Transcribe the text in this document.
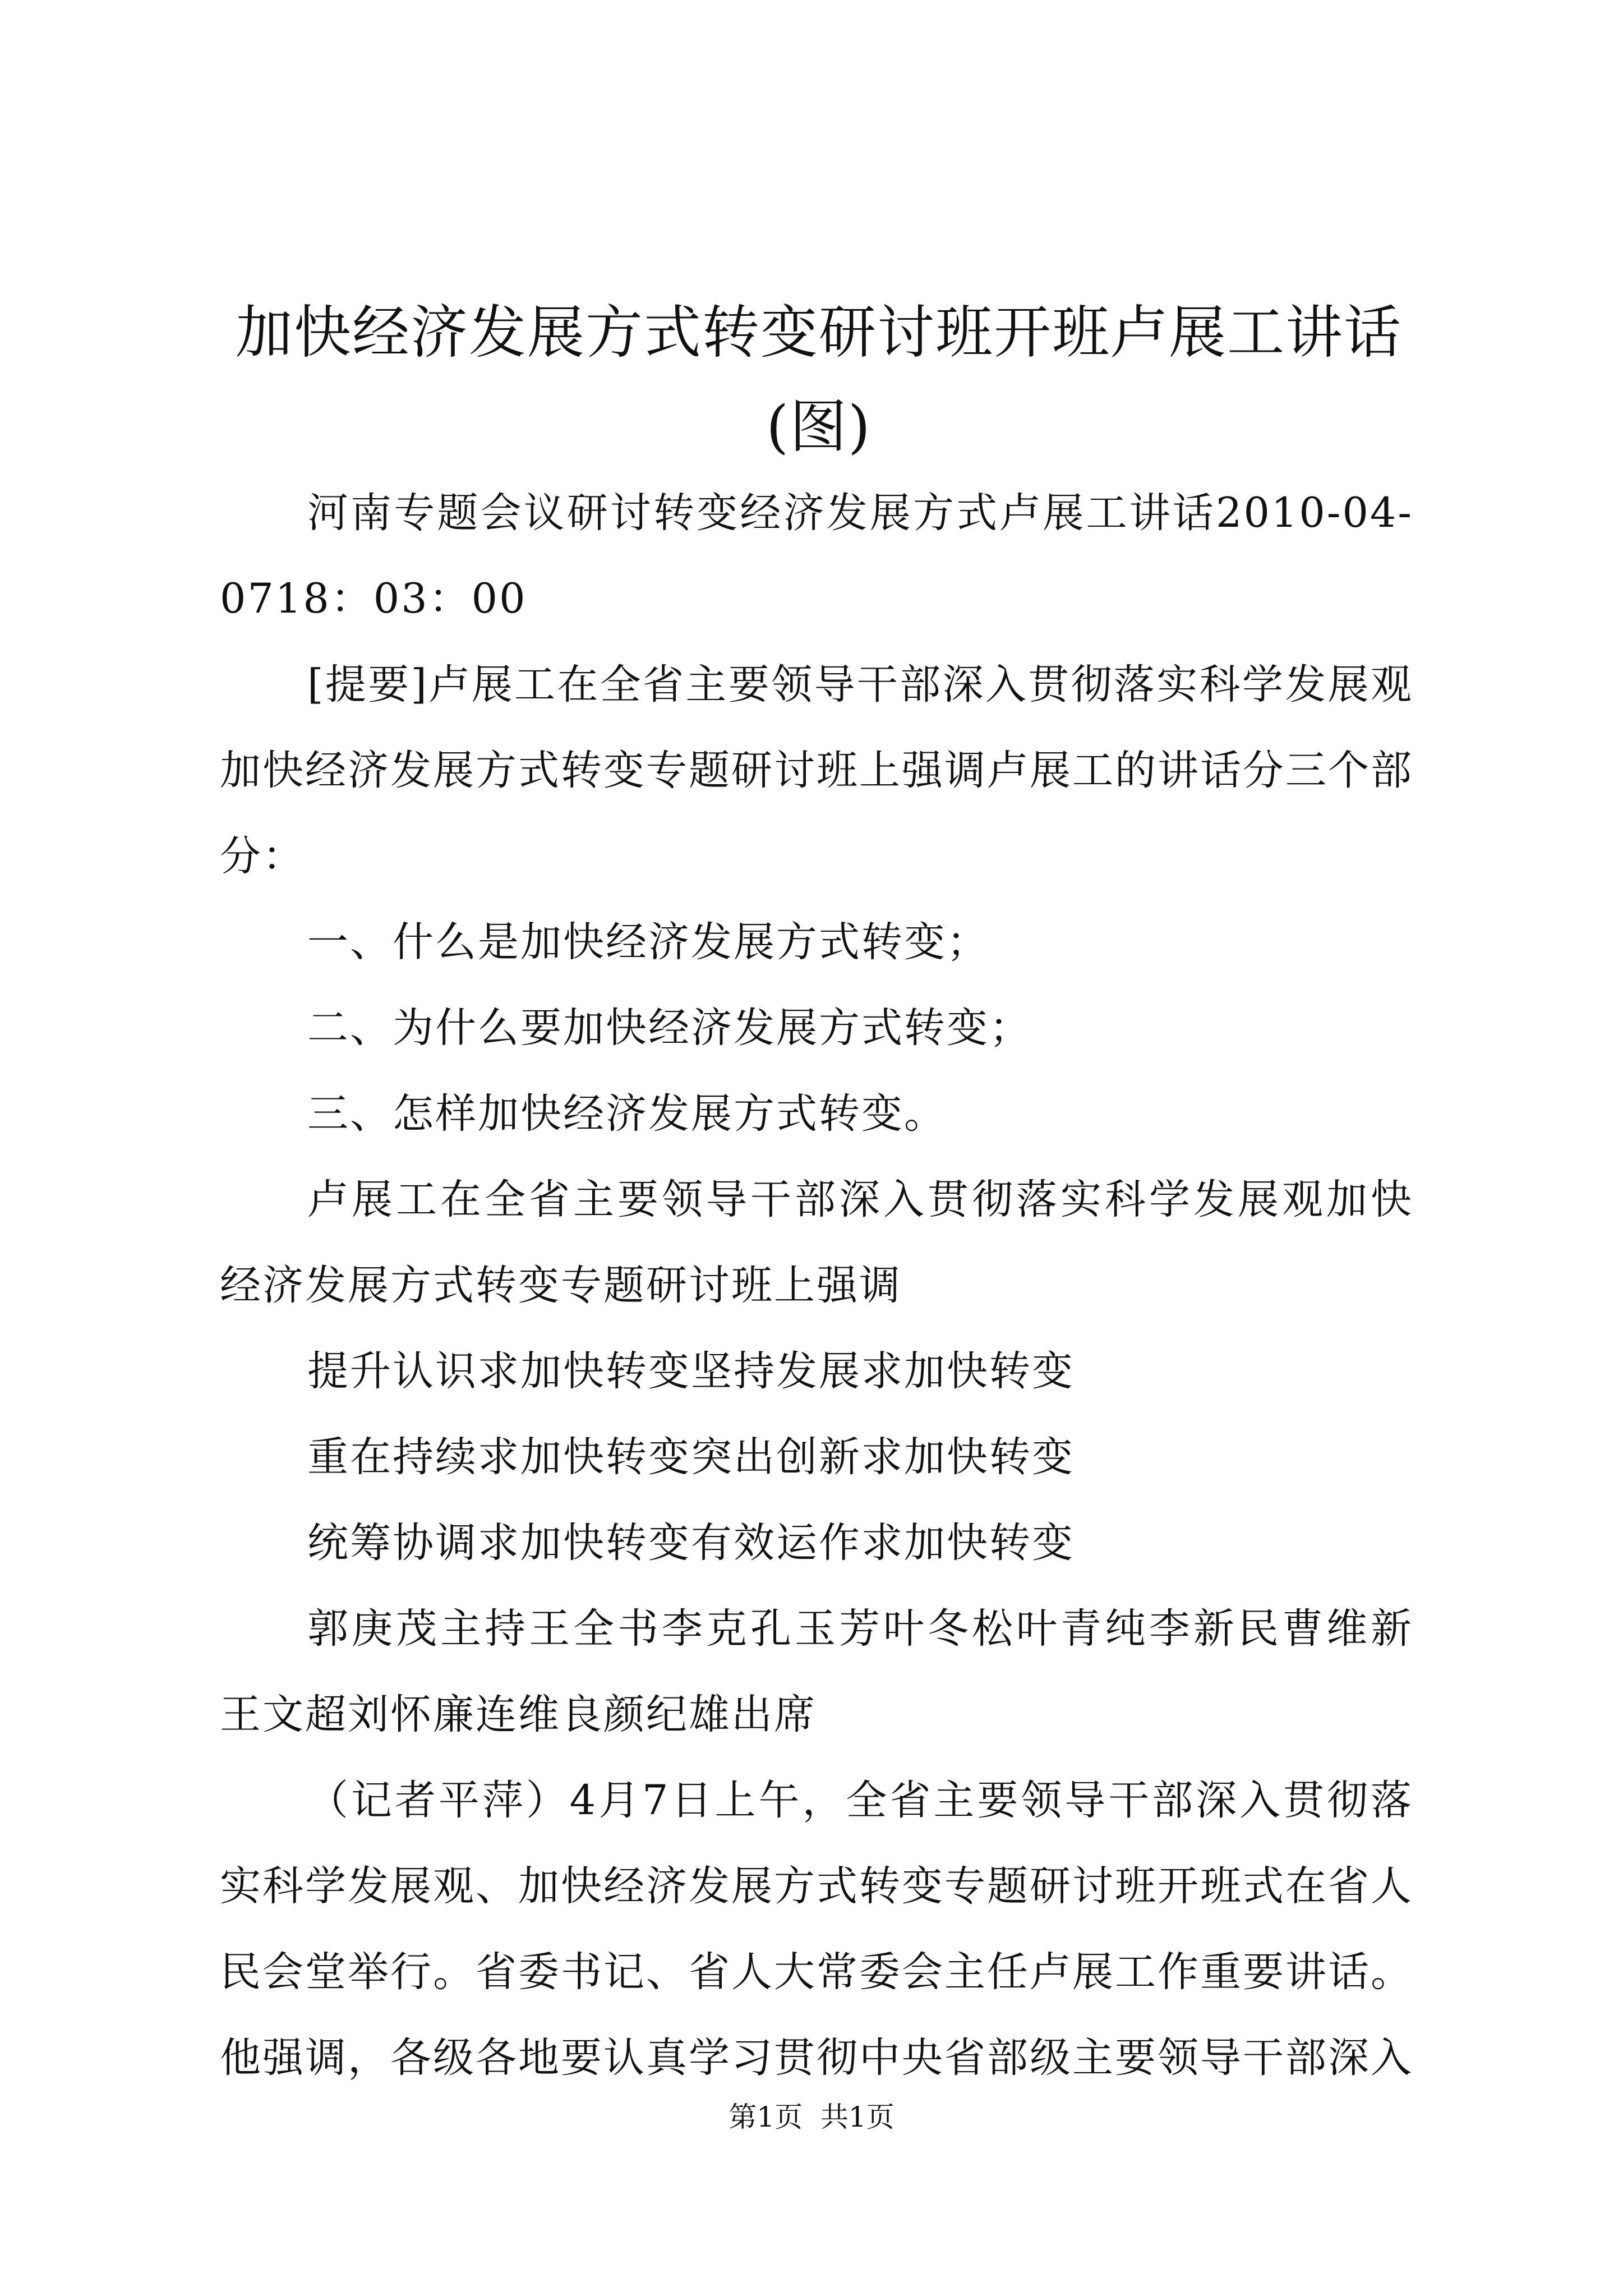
加快经济发展方式转变研讨班开班卢展工讲话
(图)

河南专题会议研讨转变经济发展方式卢展工讲话2010-04-0718：03：00

[提要]卢展工在全省主要领导干部深入贯彻落实科学发展观加快经济发展方式转变专题研讨班上强调卢展工的讲话分三个部分：

一、什么是加快经济发展方式转变；

二、为什么要加快经济发展方式转变；

三、怎样加快经济发展方式转变。

卢展工在全省主要领导干部深入贯彻落实科学发展观加快经济发展方式转变专题研讨班上强调

提升认识求加快转变坚持发展求加快转变

重在持续求加快转变突出创新求加快转变

统筹协调求加快转变有效运作求加快转变

郭庚茂主持王全书李克孔玉芳叶冬松叶青纯李新民曹维新王文超刘怀廉连维良颜纪雄出席

（记者平萍）4月7日上午，全省主要领导干部深入贯彻落实科学发展观、加快经济发展方式转变专题研讨班开班式在省人民会堂举行。省委书记、省人大常委会主任卢展工作重要讲话。他强调，各级各地要认真学习贯彻中央省部级主要领导干部深入

第1页  共1页
